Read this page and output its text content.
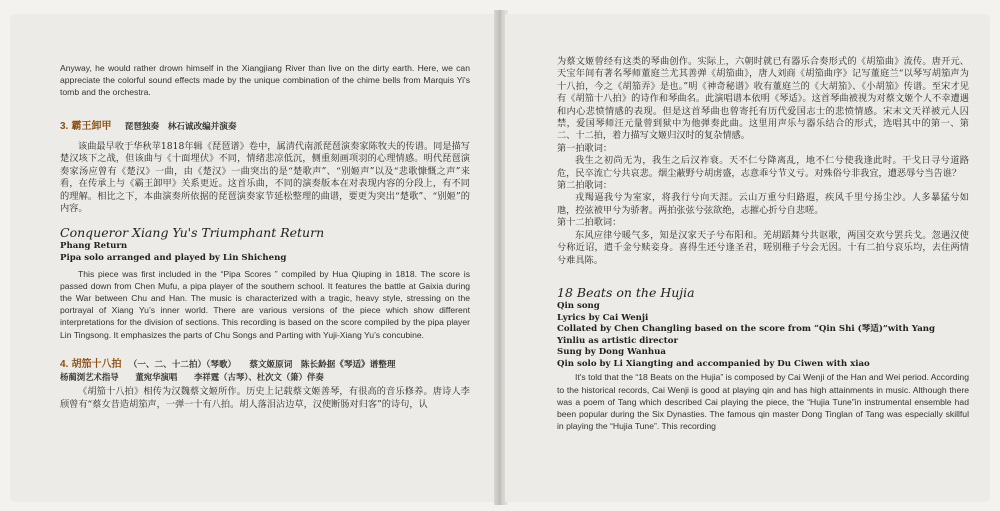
Anyway, he would rather drown himself in the Xiangjiang River than live on the dirty earth. Here, we can appreciate the colorful sound effects made by the unique combination of the chime bells from Marquis Yi's tomb and the orchestra.

3. 霸王卸甲 琵琶独奏　林石诚改编并演奏

该曲最早收于华秋苹1818年辑《琵琶谱》卷中，属清代南派琵琶演奏家陈牧夫的传谱。同是描写楚汉垓下之战，但该曲与《十面埋伏》不同，情绪悲凉低沉，侧重刻画项羽的心理情感。明代琵琶演奏家汤应曾有《楚汉》一曲，由《楚汉》一曲突出的是“楚歌声”、“别姬声”以及“悲歌慷慨之声”来看，在传承上与《霸王卸甲》关系更近。这首乐曲，不同的演奏版本在对表现内容的分段上，有不同的理解。相比之下，本曲演奏所依据的琵琶演奏家节延松整理的曲谱，要更为突出“楚歌”、“别姬”的内容。

Conqueror Xiang Yu's Triumphant Return

Phang Return

Pipa solo arranged and played by Lin Shicheng

This piece was first included in the “Pipa Scores ” compiled by Hua Qiuping in 1818. The score is passed down from Chen Mufu, a pipa player of the southern school. It features the battle at Gaixia during the War between Chu and Han. The music is characterized with a tragic, heavy style, stressing on the portrayal of Xiang Yu’s inner world. There are various versions of the piece which show different interpretations for the division of sections. This recording is based on the score compiled by the pipa player Lin Tingsong. It emphasizes the parts of Chu Songs and Parting with Yuji-Xiang Yu’s concubine.

4. 胡笳十八拍 （一、二、十二拍）（琴歌） 蔡文姬原词　陈长龄据《琴适》谱整理

杨蔺浏艺术指导　　董宛华演唱　　李祥霆（古琴）、杜次文（箫）伴奏

《胡笳十八拍》相传为汉魏蔡文姬所作。历史上记载蔡文姬善琴，有很高的音乐修养。唐诗人李颀曾有“蔡女昔造胡笳声，一弹一十有八拍。胡人落泪沾边草，汉使断肠对归客”的诗句，认

为蔡文姬曾经有这类的琴曲创作。实际上，六朝时就已有器乐合奏形式的《胡笳曲》流传。唐开元、天宝年间有著名琴师董庭兰尤其善弹《胡笳曲》，唐人刘商《胡笳曲序》记写董庭兰“以琴写胡笳声为十八拍，今之《胡笳弄》是也。”明《神奇秘谱》收有董庭兰的《大胡笳》、《小胡笳》传谱。至宋才见有《胡笳十八拍》的诗作和琴曲名。此演唱谱本依明《琴适》。这首琴曲被视为对蔡文姬个人不幸遭遇和内心悲愤情感的表现。但是这首琴曲也曾寄托有历代爱国志士的悲愤情感。宋末文天祥被元人囚禁，爱国琴师汪元量曾到狱中为他弹奏此曲。这里用声乐与器乐结合的形式，选唱其中的第一、第二、十二拍，着力描写文姬归汉时的复杂情感。

第一拍歌词：

我生之初尚无为，我生之后汉祚衰。天不仁兮降离乱，地不仁兮使我逢此时。干戈日寻兮道路危，民卒流亡兮共哀悲。烟尘蔽野兮胡虏盛，志意乖兮节义亏。对殊俗兮非我宜，遭恶辱兮当告谁？

第二拍歌词：

戎羯逼我兮为室家，将我行兮向天涯。云山万重兮归路遐，疾风千里兮扬尘沙。人多暴猛兮如虺，控弦被甲兮为骄奢。两拍张弦兮弦欲绝，志摧心折兮自悲嗟。

第十二拍歌词：

东风应律兮暖气多，知是汉家天子兮布阳和。羌胡蹈舞兮共讴歌，两国交欢兮罢兵戈。忽遇汉使兮称近诏，遣千金兮赎妾身。喜得生还兮逢圣君，嗟别稚子兮会无因。十有二拍兮哀乐均，去住两情兮难具陈。

18 Beats on the Hujia

Qin song

Lyrics by Cai Wenji

Collated by Chen Changling based on the score from “Qin Shi (琴适)”with Yang

Yinliu as artistic director

Sung by Dong Wanhua

Qin solo by Li Xiangting and accompanied by Du Ciwen with xiao

It's told that the “18 Beats on the Hujia” is composed by Cai Wenji of the Han and Wei period. According to the historical records, Cai Wenji is good at playing qin and has high attainments in music. Although there was a poem of Tang which described Cai playing the piece, the “Hujia Tune”in instrumental ensemble had been popular during the Six Dynasties. The famous qin master Dong Tinglan of Tang was especially skillful in playing the “Hujia Tune”. This recording
